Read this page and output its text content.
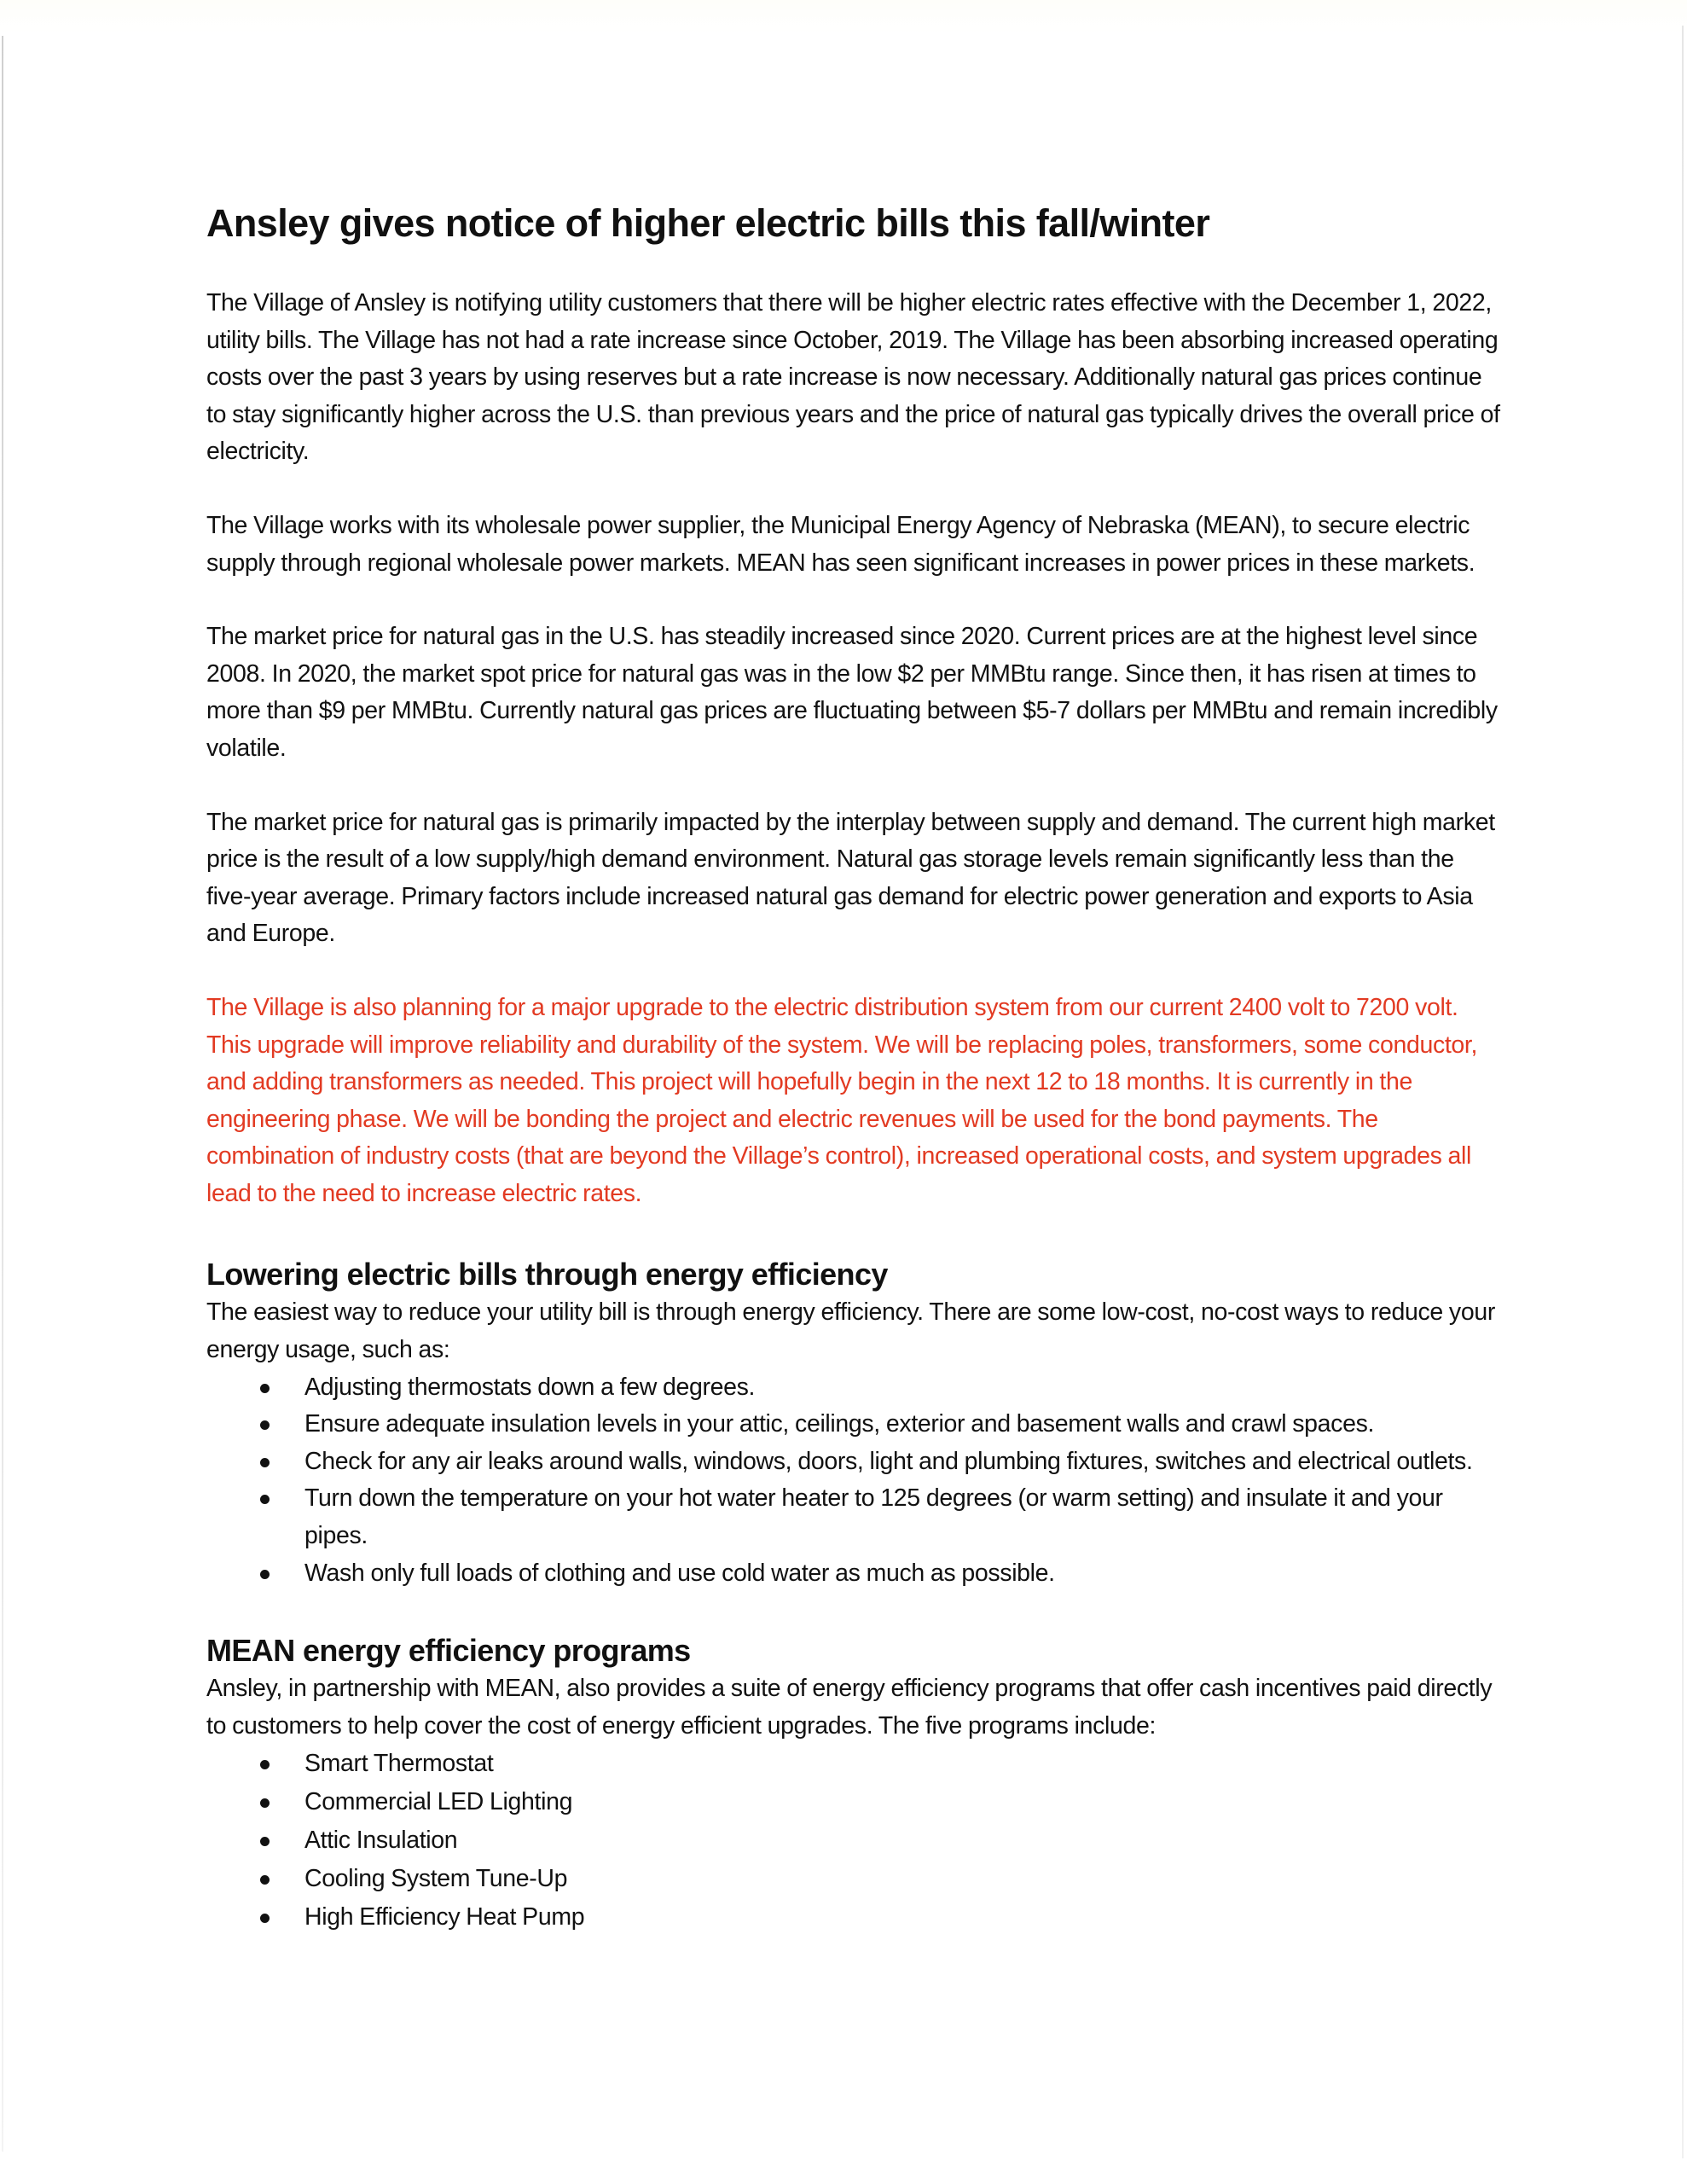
Ansley gives notice of higher electric bills this fall/winter

The Village of Ansley is notifying utility customers that there will be higher electric rates effective with the December 1, 2022, utility bills. The Village has not had a rate increase since October, 2019. The Village has been absorbing increased operating costs over the past 3 years by using reserves but a rate increase is now necessary. Additionally natural gas prices continue to stay significantly higher across the U.S. than previous years and the price of natural gas typically drives the overall price of electricity.

The Village works with its wholesale power supplier, the Municipal Energy Agency of Nebraska (MEAN), to secure electric supply through regional wholesale power markets. MEAN has seen significant increases in power prices in these markets.

The market price for natural gas in the U.S. has steadily increased since 2020. Current prices are at the highest level since 2008. In 2020, the market spot price for natural gas was in the low $2 per MMBtu range. Since then, it has risen at times to more than $9 per MMBtu. Currently natural gas prices are fluctuating between $5-7 dollars per MMBtu and remain incredibly volatile.

The market price for natural gas is primarily impacted by the interplay between supply and demand. The current high market price is the result of a low supply/high demand environment. Natural gas storage levels remain significantly less than the five-year average. Primary factors include increased natural gas demand for electric power generation and exports to Asia and Europe.

The Village is also planning for a major upgrade to the electric distribution system from our current 2400 volt to 7200 volt. This upgrade will improve reliability and durability of the system. We will be replacing poles, transformers, some conductor, and adding transformers as needed. This project will hopefully begin in the next 12 to 18 months. It is currently in the engineering phase. We will be bonding the project and electric revenues will be used for the bond payments. The combination of industry costs (that are beyond the Village’s control), increased operational costs, and system upgrades all lead to the need to increase electric rates.

Lowering electric bills through energy efficiency

The easiest way to reduce your utility bill is through energy efficiency. There are some low-cost, no-cost ways to reduce your energy usage, such as:

Adjusting thermostats down a few degrees.
Ensure adequate insulation levels in your attic, ceilings, exterior and basement walls and crawl spaces.
Check for any air leaks around walls, windows, doors, light and plumbing fixtures, switches and electrical outlets.
Turn down the temperature on your hot water heater to 125 degrees (or warm setting) and insulate it and your pipes.
Wash only full loads of clothing and use cold water as much as possible.
MEAN energy efficiency programs

Ansley, in partnership with MEAN, also provides a suite of energy efficiency programs that offer cash incentives paid directly to customers to help cover the cost of energy efficient upgrades. The five programs include:

Smart Thermostat
Commercial LED Lighting
Attic Insulation
Cooling System Tune-Up
High Efficiency Heat Pump
